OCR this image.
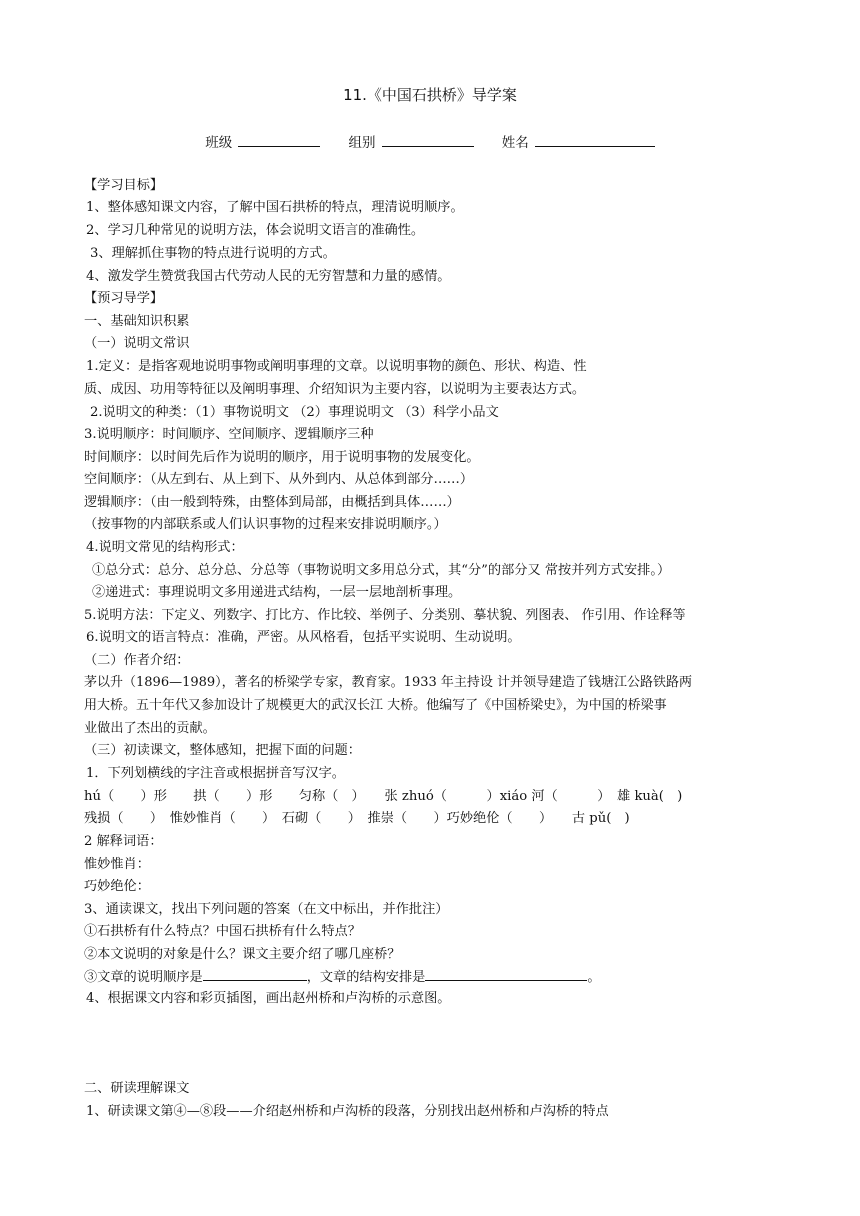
11.《中国石拱桥》导学案
班级	组别	姓名
【学习目标】
1、整体感知课文内容，了解中国石拱桥的特点，理清说明顺序。
2、学习几种常见的说明方法，体会说明文语言的准确性。
3、理解抓住事物的特点进行说明的方式。
4、激发学生赞赏我国古代劳动人民的无穷智慧和力量的感情。
【预习导学】
一、基础知识积累
（一）说明文常识
1.定义：是指客观地说明事物或阐明事理的文章。以说明事物的颜色、形状、构造、性
质、成因、功用等特征以及阐明事理、介绍知识为主要内容，以说明为主要表达方式。
2.说明文的种类：（1）事物说明文 （2）事理说明文 （3）科学小品文
3.说明顺序：时间顺序、空间顺序、逻辑顺序三种
时间顺序：以时间先后作为说明的顺序，用于说明事物的发展变化。
空间顺序：（从左到右、从上到下、从外到内、从总体到部分……）
逻辑顺序：（由一般到特殊，由整体到局部，由概括到具体……）
（按事物的内部联系或人们认识事物的过程来安排说明顺序。）
4.说明文常见的结构形式：
①总分式：总分、总分总、分总等（事物说明文多用总分式，其“分”的部分又 常按并列方式安排。）
②递进式：事理说明文多用递进式结构，一层一层地剖析事理。
5.说明方法：下定义、列数字、打比方、作比较、举例子、分类别、摹状貌、列图表、 作引用、作诠释等
6.说明文的语言特点：准确，严密。从风格看，包括平实说明、生动说明。
（二）作者介绍：
茅以升（1896—1989），著名的桥梁学专家，教育家。1933 年主持设 计并领导建造了钱塘江公路铁路两
用大桥。五十年代又参加设计了规模更大的武汉长江 大桥。他编写了《中国桥梁史》，为中国的桥梁事
业做出了杰出的贡献。
（三）初读课文，整体感知，把握下面的问题：
1．下列划横线的字注音或根据拼音写汉字。
hú（　　）形　　拱（　　）形　　匀称（　）　　张 zhuó（　　　）xiáo 河（　　　）　雄 kuà(　)
残损（　　）　惟妙惟肖（　　）　石砌（　　）　推崇（　　）巧妙绝伦（　　）　　古 pǔ(　)
2 解释词语：
惟妙惟肖：
巧妙绝伦：
3、通读课文，找出下列问题的答案（在文中标出，并作批注）
①石拱桥有什么特点？中国石拱桥有什么特点？
②本文说明的对象是什么？课文主要介绍了哪几座桥？
③文章的说明顺序是	，文章的结构安排是	。
4、根据课文内容和彩页插图，画出赵州桥和卢沟桥的示意图。
二、研读理解课文
1、研读课文第④—⑧段——介绍赵州桥和卢沟桥的段落，分别找出赵州桥和卢沟桥的特点
